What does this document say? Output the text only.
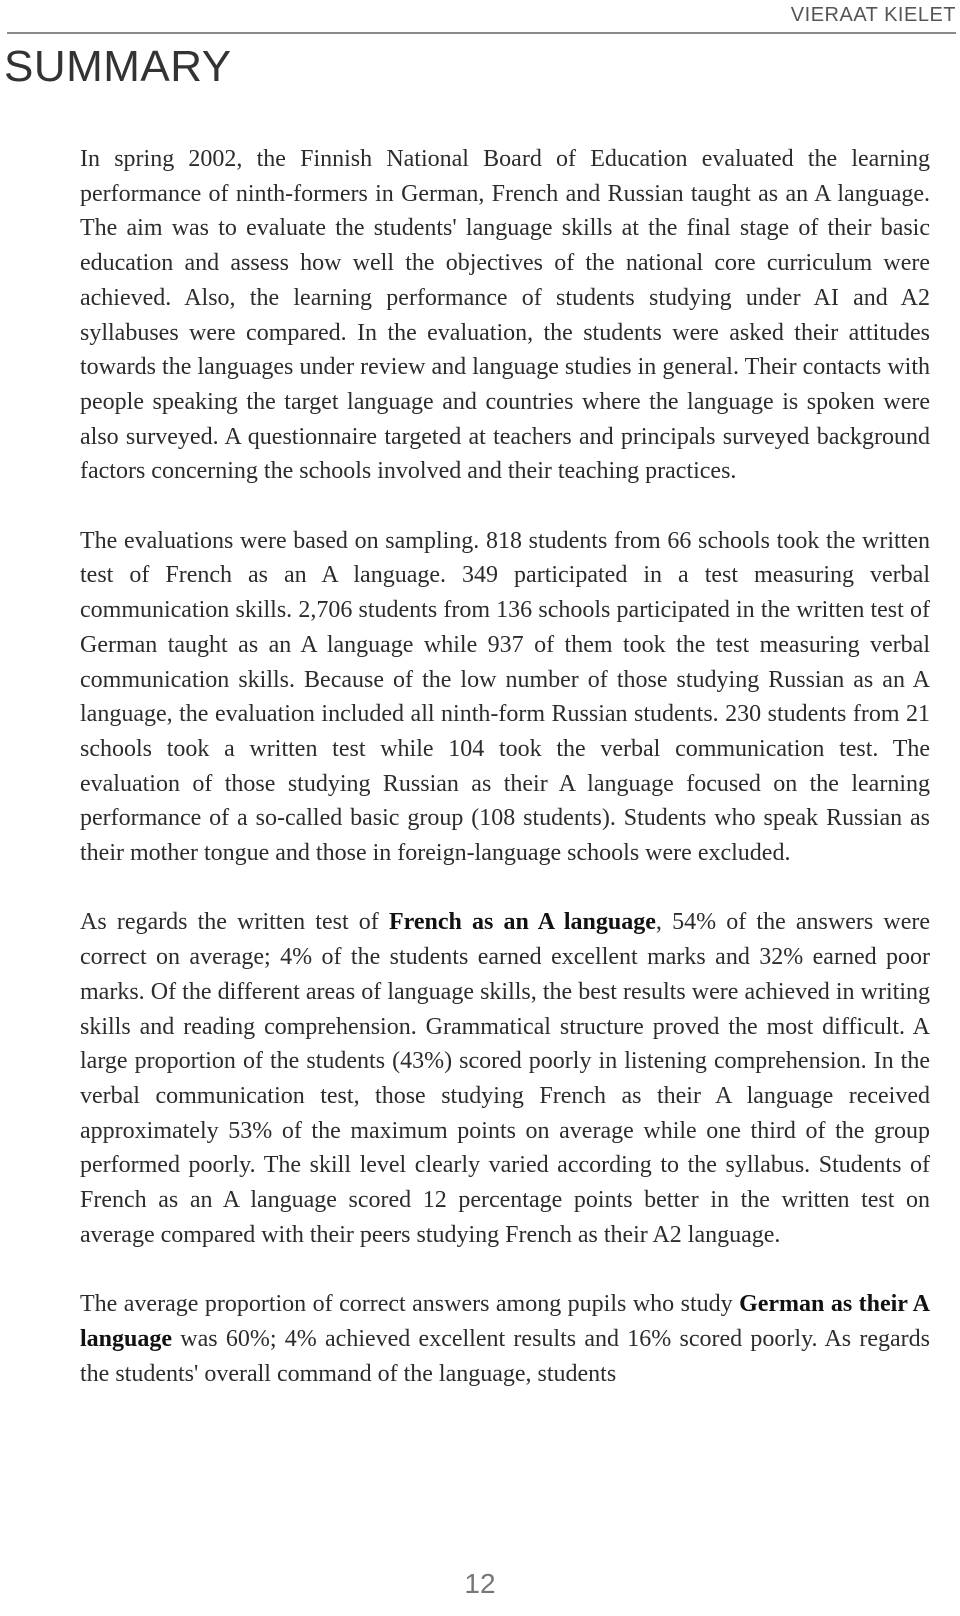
VIERAAT KIELET
SUMMARY

In spring 2002, the Finnish National Board of Education evaluated the learning performance of ninth-formers in German, French and Russian taught as an A language. The aim was to evaluate the students' language skills at the final stage of their basic education and assess how well the objectives of the national core curriculum were achieved. Also, the learning performance of students studying under AI and A2 syllabuses were compared. In the evaluation, the students were asked their attitudes towards the languages under review and language studies in general. Their contacts with people speaking the target language and countries where the language is spoken were also surveyed. A questionnaire targeted at teachers and principals surveyed background factors concerning the schools involved and their teaching practices.

The evaluations were based on sampling. 818 students from 66 schools took the written test of French as an A language. 349 participated in a test measuring verbal communication skills. 2,706 students from 136 schools participated in the written test of German taught as an A language while 937 of them took the test measuring verbal communication skills. Because of the low number of those studying Russian as an A language, the evaluation included all ninth-form Russian students. 230 students from 21 schools took a written test while 104 took the verbal communication test. The evaluation of those studying Russian as their A language focused on the learning performance of a so-called basic group (108 students). Students who speak Russian as their mother tongue and those in foreign-language schools were excluded.

As regards the written test of French as an A language, 54% of the answers were correct on average; 4% of the students earned excellent marks and 32% earned poor marks. Of the different areas of language skills, the best results were achieved in writing skills and reading comprehension. Grammatical structure proved the most difficult. A large proportion of the students (43%) scored poorly in listening comprehension. In the verbal communication test, those studying French as their A language received approximately 53% of the maximum points on average while one third of the group performed poorly. The skill level clearly varied according to the syllabus. Students of French as an A language scored 12 percentage points better in the written test on average compared with their peers studying French as their A2 language.

The average proportion of correct answers among pupils who study German as their A language was 60%; 4% achieved excellent results and 16% scored poorly. As regards the students' overall command of the language, students

12
